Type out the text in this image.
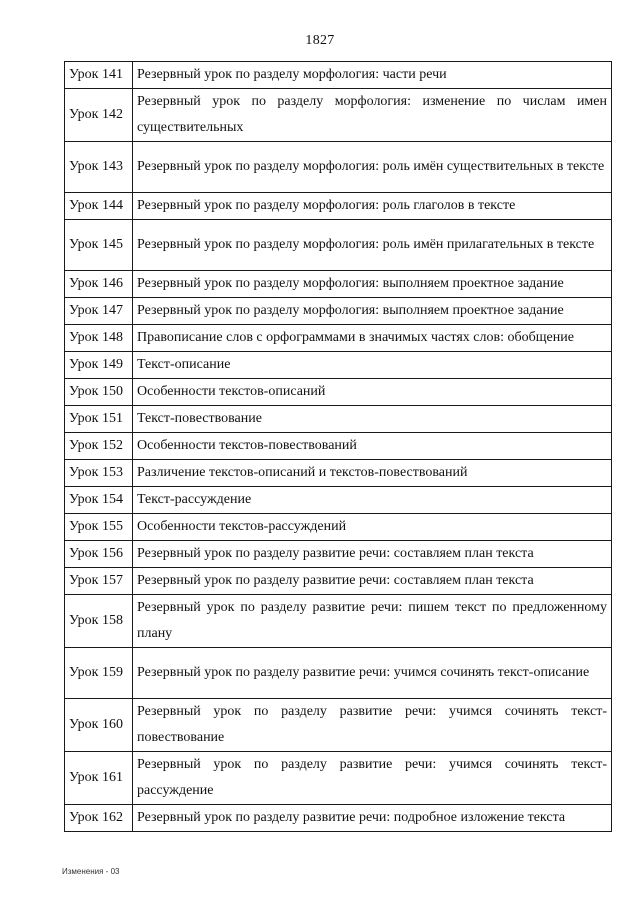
1827
Урок 141	Резервный урок по разделу морфология: части речи
Урок 142	Резервный урок по разделу морфология: изменение по числам имен существительных
Урок 143	Резервный урок по разделу морфология: роль имён существительных в тексте
Урок 144	Резервный урок по разделу морфология: роль глаголов в тексте
Урок 145	Резервный урок по разделу морфология: роль имён прилагательных в тексте
Урок 146	Резервный урок по разделу морфология: выполняем проектное задание
Урок 147	Резервный урок по разделу морфология: выполняем проектное задание
Урок 148	Правописание слов с орфограммами в значимых частях слов: обобщение
Урок 149	Текст-описание
Урок 150	Особенности текстов-описаний
Урок 151	Текст-повествование
Урок 152	Особенности текстов-повествований
Урок 153	Различение текстов-описаний и текстов-повествований
Урок 154	Текст-рассуждение
Урок 155	Особенности текстов-рассуждений
Урок 156	Резервный урок по разделу развитие речи: составляем план текста
Урок 157	Резервный урок по разделу развитие речи: составляем план текста
Урок 158	Резервный урок по разделу развитие речи: пишем текст по предложенному плану
Урок 159	Резервный урок по разделу развитие речи: учимся сочинять текст-описание
Урок 160	Резервный урок по разделу развитие речи: учимся сочинять текст-повествование
Урок 161	Резервный урок по разделу развитие речи: учимся сочинять текст-рассуждение
Урок 162	Резервный урок по разделу развитие речи: подробное изложение текста
Изменения - 03
